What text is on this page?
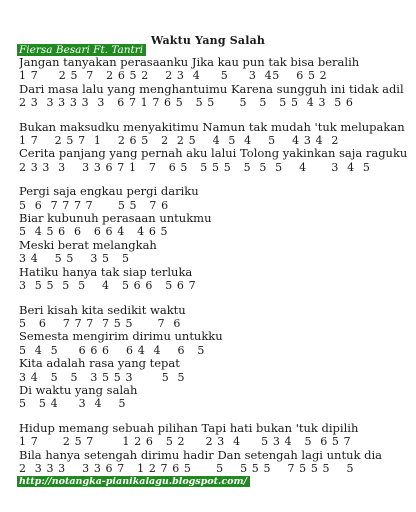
Waktu Yang Salah
Fiersa Besari Ft. Tantri
Jangan tanyakan perasaanku Jika kau pun tak bisa beralih
1 7     2 5  7   2 6 5 2    2 3  4     5     3  45    6 5 2
Dari masa lalu yang menghantuimu Karena sungguh ini tidak adil
2 3  3 3 3 3  3   6 7 1 7 6 5   5 5      5   5   5 5  4 3  5 6
Bukan maksudku menyakitimu Namun tak mudah 'tuk melupakan
1 7    2 5 7  1    2 6 5   2  2 5    4  5  4    5    4 3 4  2
Cerita panjang yang pernah aku lalui Tolong yakinkan saja raguku
2 3 3  3    3 3 6 7 1   7   6 5   5 5 5   5  5  5    4      3  4  5
Pergi saja engkau pergi dariku
5  6  7 7 7 7      5 5   7 6
Biar kubunuh perasaan untukmu
5  4 5 6  6   6 6 4   4 6 5
Meski berat melangkah
3 4    5 5    3 5   5
Hatiku hanya tak siap terluka
3  5 5  5  5    4   5 6 6   5 6 7
Beri kisah kita sedikit waktu
5   6    7 7 7  7 5 5      7  6
Semesta mengirim dirimu untukku
5  4  5     6 6 6    6 4  4    6   5
Kita adalah rasa yang tepat
3 4   5   5   3 5 5 3       5  5
Di waktu yang salah
5   5 4     3  4    5
Hidup memang sebuah pilihan Tapi hati bukan 'tuk dipilih
1 7      2 5 7       1 2 6   5 2     2 3  4     5 3 4   5  6 5 7
Bila hanya setengah dirimu hadir Dan setengah lagi untuk dia
2  3 3 3    3 3 6 7   1 2 7 6 5      5    5 5 5    7 5 5 5    5
http://notangka-pianikalagu.blogspot.com/
